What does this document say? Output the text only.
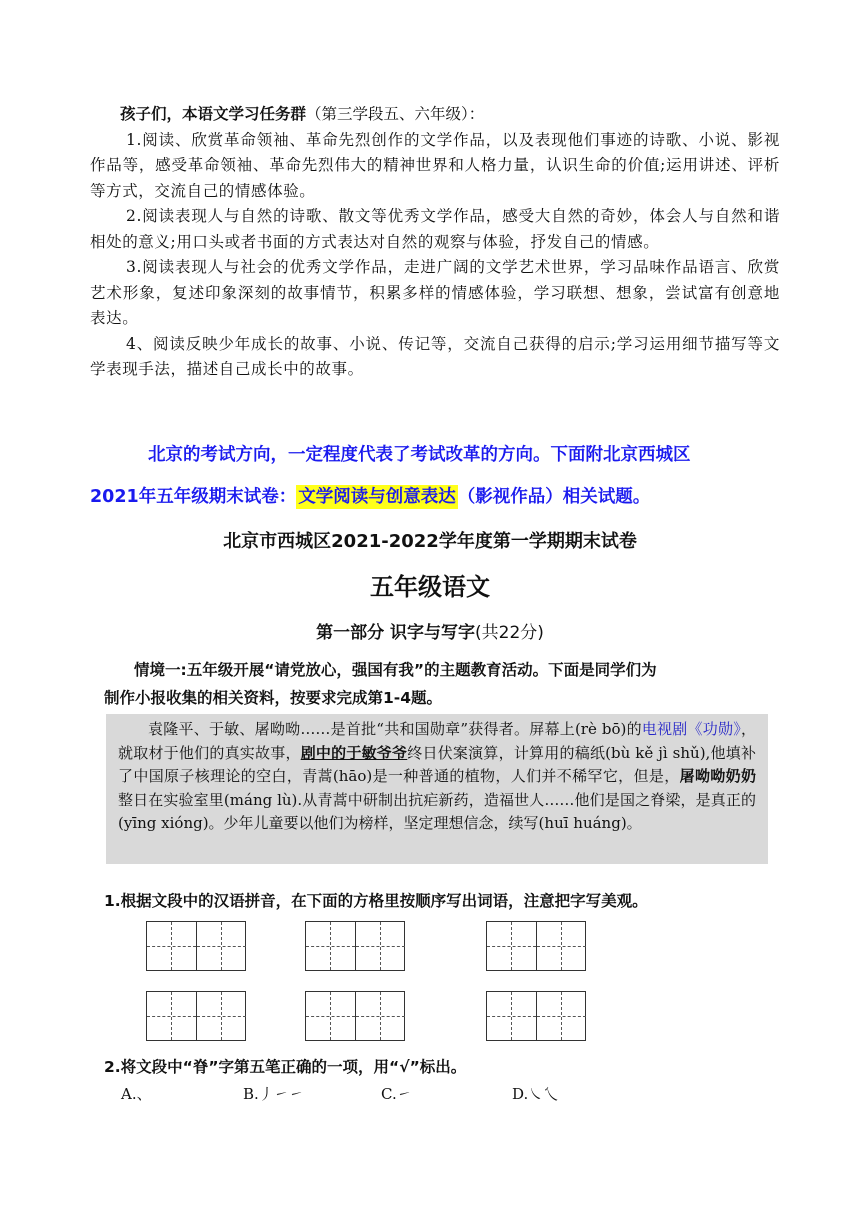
孩子们，本语文学习任务群（第三学段五、六年级）：

1.阅读、欣赏革命领袖、革命先烈创作的文学作品，以及表现他们事迹的诗歌、小说、影视作品等，感受革命领袖、革命先烈伟大的精神世界和人格力量，认识生命的价值;运用讲述、评析等方式，交流自己的情感体验。

2.阅读表现人与自然的诗歌、散文等优秀文学作品，感受大自然的奇妙，体会人与自然和谐相处的意义;用口头或者书面的方式表达对自然的观察与体验，抒发自己的情感。

3.阅读表现人与社会的优秀文学作品，走进广阔的文学艺术世界，学习品味作品语言、欣赏艺术形象，复述印象深刻的故事情节，积累多样的情感体验，学习联想、想象，尝试富有创意地表达。

4、阅读反映少年成长的故事、小说、传记等，交流自己获得的启示;学习运用细节描写等文学表现手法，描述自己成长中的故事。

北京的考试方向，一定程度代表了考试改革的方向。下面附北京西城区
2021年五年级期末试卷： 文学阅读与创意表达 （影视作品）相关试题。
北京市西城区2021-2022学年度第一学期期末试卷
五年级语文
第一部分 识字与写字(共22分)

情境一:五年级开展“请党放心，强国有我”的主题教育活动。下面是同学们为

制作小报收集的相关资料，按要求完成第1-4题。

袁隆平、于敏、屠呦呦……是首批“共和国勋章”获得者。屏幕上(rè bō)的电视剧《功勋》，就取材于他们的真实故事，剧中的于敏爷爷终日伏案演算，计算用的稿纸(bù kě jì shǔ),他填补了中国原子核理论的空白，青蒿(hāo)是一种普通的植物，人们并不稀罕它，但是，屠呦呦奶奶整日在实验室里(máng lù).从青蒿中研制出抗疟新药，造福世人……他们是国之脊梁，是真正的(yīng xióng)。少年儿童要以他们为榜样，坚定理想信念，续写(huī huáng)。

1.根据文段中的汉语拼音，在下面的方格里按顺序写出词语，注意把字写美观。
2.将文段中“脊”字第五笔正确的一项，用“√”标出。
A.、	B.丿㇀㇀	C.㇀	D.㇏乀
